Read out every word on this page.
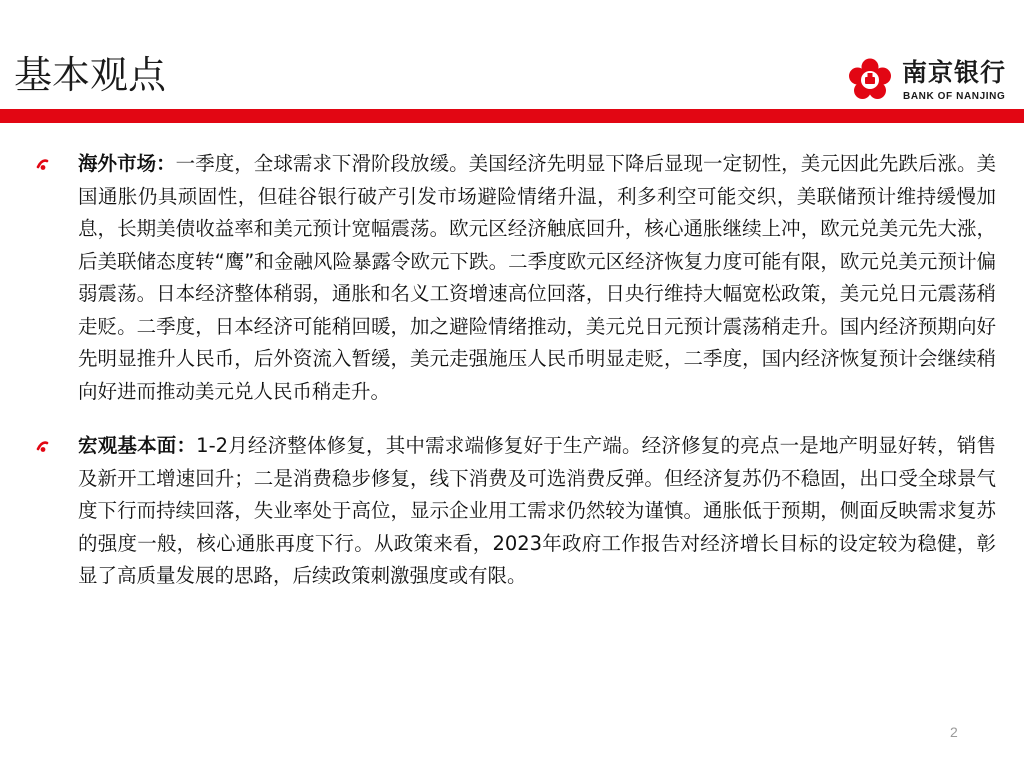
基本观点	南京银行
BANK OF NANJING

海外市场：一季度，全球需求下滑阶段放缓。美国经济先明显下降后显现一定韧性，美元因此先跌后涨。美国通胀仍具顽固性，但硅谷银行破产引发市场避险情绪升温，利多利空可能交织，美联储预计维持缓慢加息，长期美债收益率和美元预计宽幅震荡。欧元区经济触底回升，核心通胀继续上冲，欧元兑美元先大涨，后美联储态度转“鹰”和金融风险暴露令欧元下跌。二季度欧元区经济恢复力度可能有限，欧元兑美元预计偏弱震荡。日本经济整体稍弱，通胀和名义工资增速高位回落，日央行维持大幅宽松政策，美元兑日元震荡稍走贬。二季度，日本经济可能稍回暖，加之避险情绪推动，美元兑日元预计震荡稍走升。国内经济预期向好先明显推升人民币，后外资流入暂缓，美元走强施压人民币明显走贬，二季度，国内经济恢复预计会继续稍向好进而推动美元兑人民币稍走升。

宏观基本面：1-2月经济整体修复，其中需求端修复好于生产端。经济修复的亮点一是地产明显好转，销售及新开工增速回升；二是消费稳步修复，线下消费及可选消费反弹。但经济复苏仍不稳固，出口受全球景气度下行而持续回落，失业率处于高位，显示企业用工需求仍然较为谨慎。通胀低于预期，侧面反映需求复苏的强度一般，核心通胀再度下行。从政策来看，2023年政府工作报告对经济增长目标的设定较为稳健，彰显了高质量发展的思路，后续政策刺激强度或有限。

2
